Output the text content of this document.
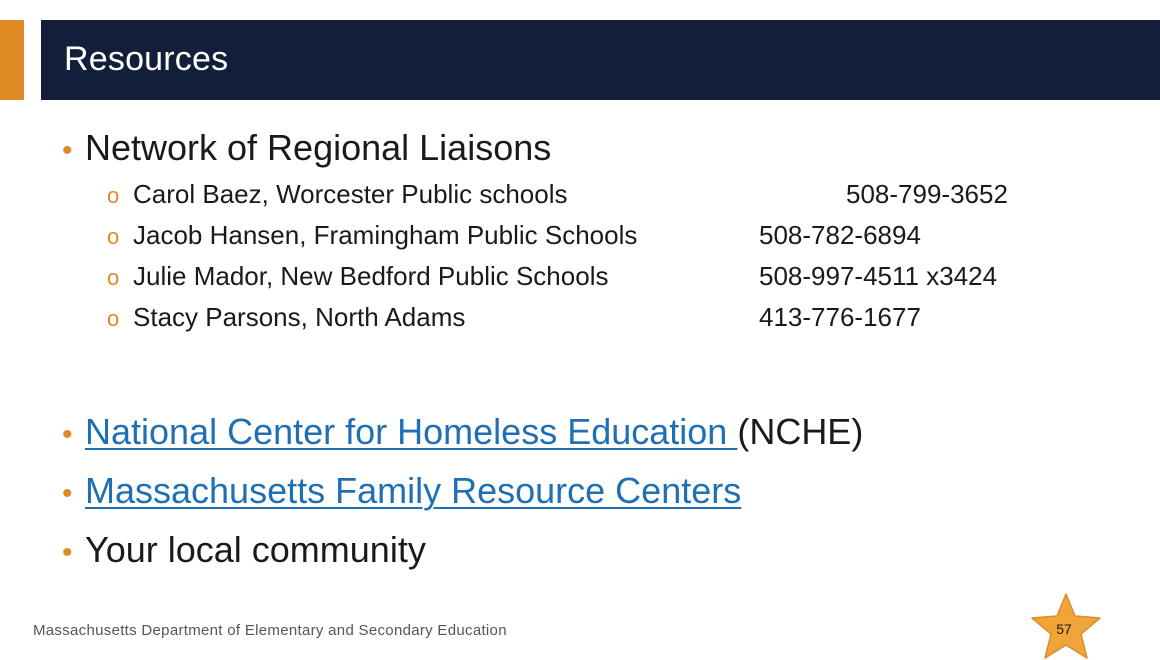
Resources
• Network of Regional Liaisons
o Carol Baez, Worcester Public schools	508-799-3652
o Jacob Hansen, Framingham Public Schools	508-782-6894
o Julie Mador, New Bedford Public Schools	508-997-4511 x3424
o Stacy Parsons, North Adams	413-776-1677
• National Center for Homeless Education (NCHE)
• Massachusetts Family Resource Centers
• Your local community
Massachusetts Department of Elementary and Secondary Education	57
